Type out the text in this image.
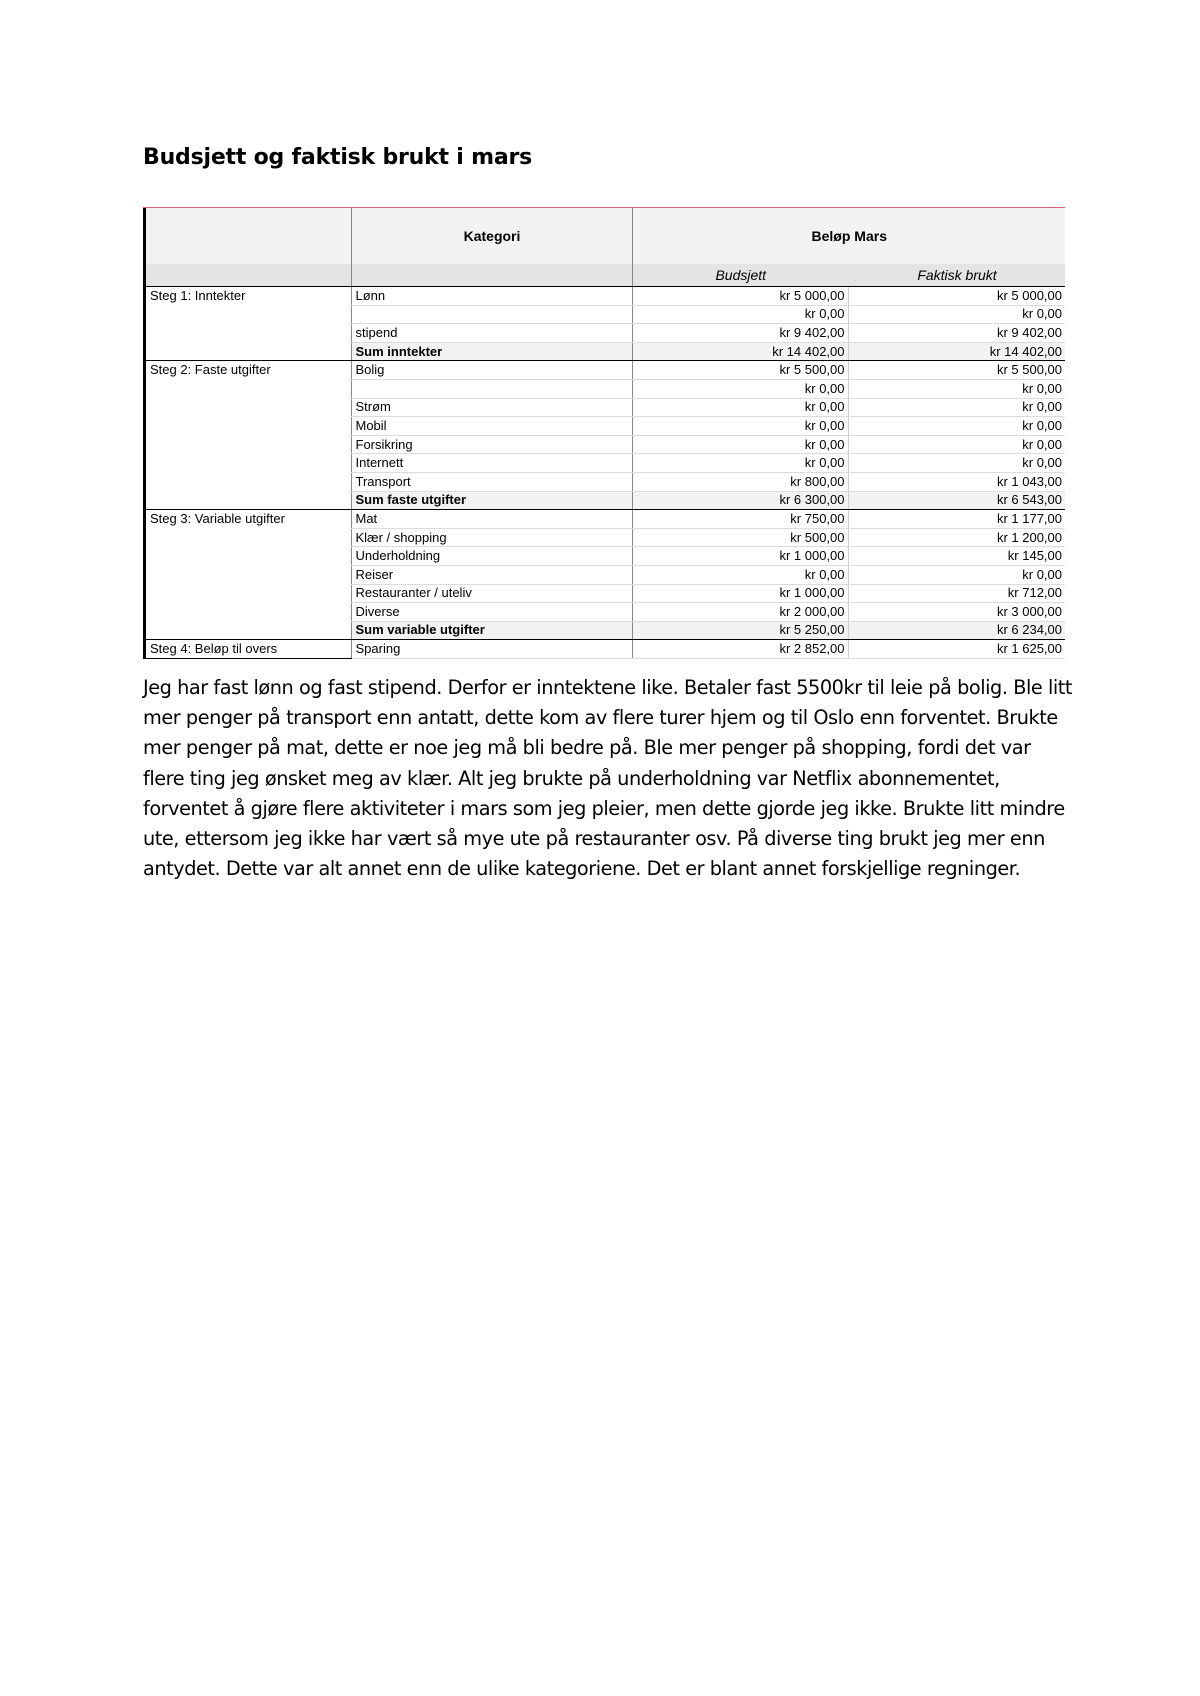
Budsjett og faktisk brukt i mars
	Kategori	Beløp Mars	
		Budsjett	Faktisk brukt
Steg 1: Inntekter	Lønn	kr 5 000,00	kr 5 000,00
		kr 0,00	kr 0,00
	stipend	kr 9 402,00	kr 9 402,00
	Sum inntekter	kr 14 402,00	kr 14 402,00
Steg 2: Faste utgifter	Bolig	kr 5 500,00	kr 5 500,00
		kr 0,00	kr 0,00
	Strøm	kr 0,00	kr 0,00
	Mobil	kr 0,00	kr 0,00
	Forsikring	kr 0,00	kr 0,00
	Internett	kr 0,00	kr 0,00
	Transport	kr 800,00	kr 1 043,00
	Sum faste utgifter	kr 6 300,00	kr 6 543,00
Steg 3: Variable utgifter	Mat	kr 750,00	kr 1 177,00
	Klær / shopping	kr 500,00	kr 1 200,00
	Underholdning	kr 1 000,00	kr 145,00
	Reiser	kr 0,00	kr 0,00
	Restauranter / uteliv	kr 1 000,00	kr 712,00
	Diverse	kr 2 000,00	kr 3 000,00
	Sum variable utgifter	kr 5 250,00	kr 6 234,00
Steg 4: Beløp til overs	Sparing	kr 2 852,00	kr 1 625,00

Jeg har fast lønn og fast stipend. Derfor er inntektene like. Betaler fast 5500kr til leie på bolig. Ble litt mer penger på transport enn antatt, dette kom av flere turer hjem og til Oslo enn forventet. Brukte mer penger på mat, dette er noe jeg må bli bedre på. Ble mer penger på shopping, fordi det var flere ting jeg ønsket meg av klær. Alt jeg brukte på underholdning var Netflix abonnementet, forventet å gjøre flere aktiviteter i mars som jeg pleier, men dette gjorde jeg ikke. Brukte litt mindre ute, ettersom jeg ikke har vært så mye ute på restauranter osv. På diverse ting brukt jeg mer enn antydet. Dette var alt annet enn de ulike kategoriene. Det er blant annet forskjellige regninger.
